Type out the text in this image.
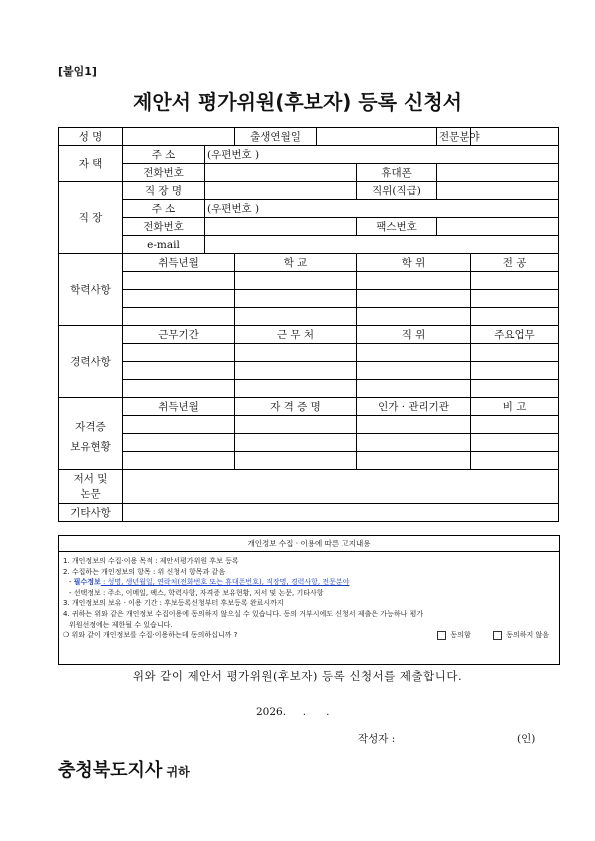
[붙임1]
제안서 평가위원(후보자) 등록 신청서
성 명			출생연월일			전문분야	
자 택	주 소	(우편번호 )					
	전화번호				휴대폰		
직 장	직 장 명				직위(직급)		
	주 소	(우편번호 )					
	전화번호				팩스번호		
	e-mail						
학력사항	취득년월		학 교		학 위		전 공

경력사항	근무기간		근 무 처		직 위		주요업무

자격증
보유현황	취득년월		자 격 증 명		인가 · 관리기관		비 고

저서 및
논문							

기타사항							
개인정보 수집 · 이용에 따른 고지내용
1. 개인정보의 수집·이용 목적 : 제안서평가위원 후보 등록
2. 수집하는 개인정보의 항목 : 위 신청서 항목과 같음
- 필수정보 : 성명, 생년월일, 연락처(전화번호 또는 휴대폰번호), 직장명, 경력사항, 전문분야
- 선택정보 : 주소, 이메일, 팩스, 학력사항, 자격증 보유현황, 저서 및 논문, 기타사항
3. 개인정보의 보유 · 이용 기간 : 후보등록신청부터 후보등록 완료시까지
4. 귀하는 위와 같은 개인정보 수집이용에 동의하지 않으실 수 있습니다. 동의 거부시에도 신청서 제출은 가능하나 평가
위원선정에는 제한될 수 있습니다.
❍ 위와 같이 개인정보를 수집·이용하는데 동의하십니까 ?	동의함	동의하지 않음
위와 같이 제안서 평가위원(후보자) 등록 신청서를 제출합니다.
2026.     .      .
작성자 :	(인)
충청북도지사 귀하
